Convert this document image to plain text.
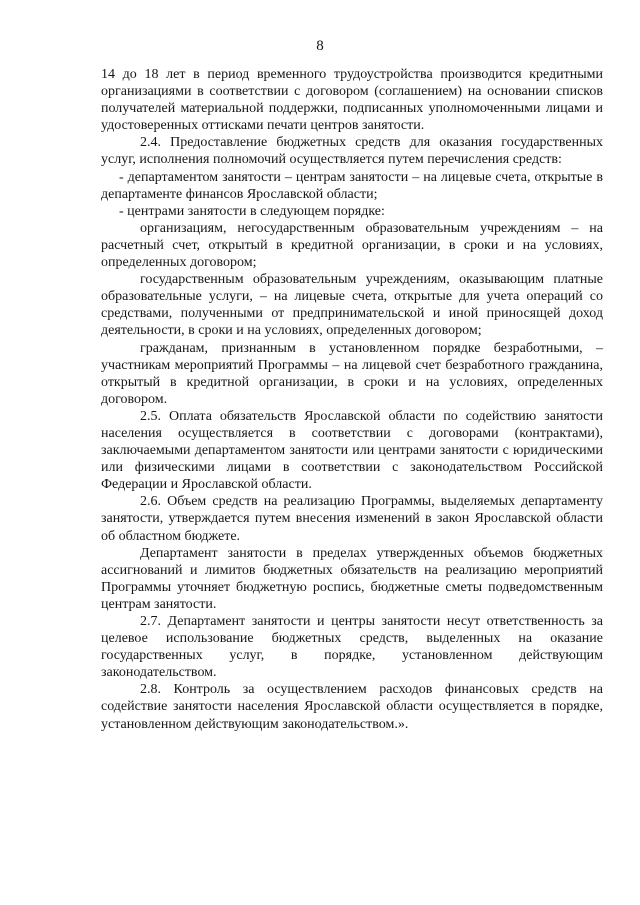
8

14 до 18 лет в период временного трудоустройства производится кредитными организациями в соответствии с договором (соглашением) на основании списков получателей материальной поддержки, подписанных уполномоченными лицами и удостоверенных оттисками печати центров занятости.

2.4. Предоставление бюджетных средств для оказания государственных услуг, исполнения полномочий осуществляется путем перечисления средств:

- департаментом занятости – центрам занятости – на лицевые счета, открытые в департаменте финансов Ярославской области;

- центрами занятости в следующем порядке:

организациям, негосударственным образовательным учреждениям – на расчетный счет, открытый в кредитной организации, в сроки и на условиях, определенных договором;

государственным образовательным учреждениям, оказывающим платные образовательные услуги, – на лицевые счета, открытые для учета операций со средствами, полученными от предпринимательской и иной приносящей доход деятельности, в сроки и на условиях, определенных договором;

гражданам, признанным в установленном порядке безработными, – участникам мероприятий Программы – на лицевой счет безработного гражданина, открытый в кредитной организации, в сроки и на условиях, определенных договором.

2.5. Оплата обязательств Ярославской области по содействию занятости населения осуществляется в соответствии с договорами (контрактами), заключаемыми департаментом занятости или центрами занятости с юридическими или физическими лицами в соответствии с законодательством Российской Федерации и Ярославской области.

2.6. Объем средств на реализацию Программы, выделяемых департаменту занятости, утверждается путем внесения изменений в закон Ярославской области об областном бюджете.

Департамент занятости в пределах утвержденных объемов бюджетных ассигнований и лимитов бюджетных обязательств на реализацию мероприятий Программы уточняет бюджетную роспись, бюджетные сметы подведомственным центрам занятости.

2.7. Департамент занятости и центры занятости несут ответственность за целевое использование бюджетных средств, выделенных на оказание государственных услуг, в порядке, установленном действующим законодательством.

2.8. Контроль за осуществлением расходов финансовых средств на содействие занятости населения Ярославской области осуществляется в порядке, установленном действующим законодательством.».
